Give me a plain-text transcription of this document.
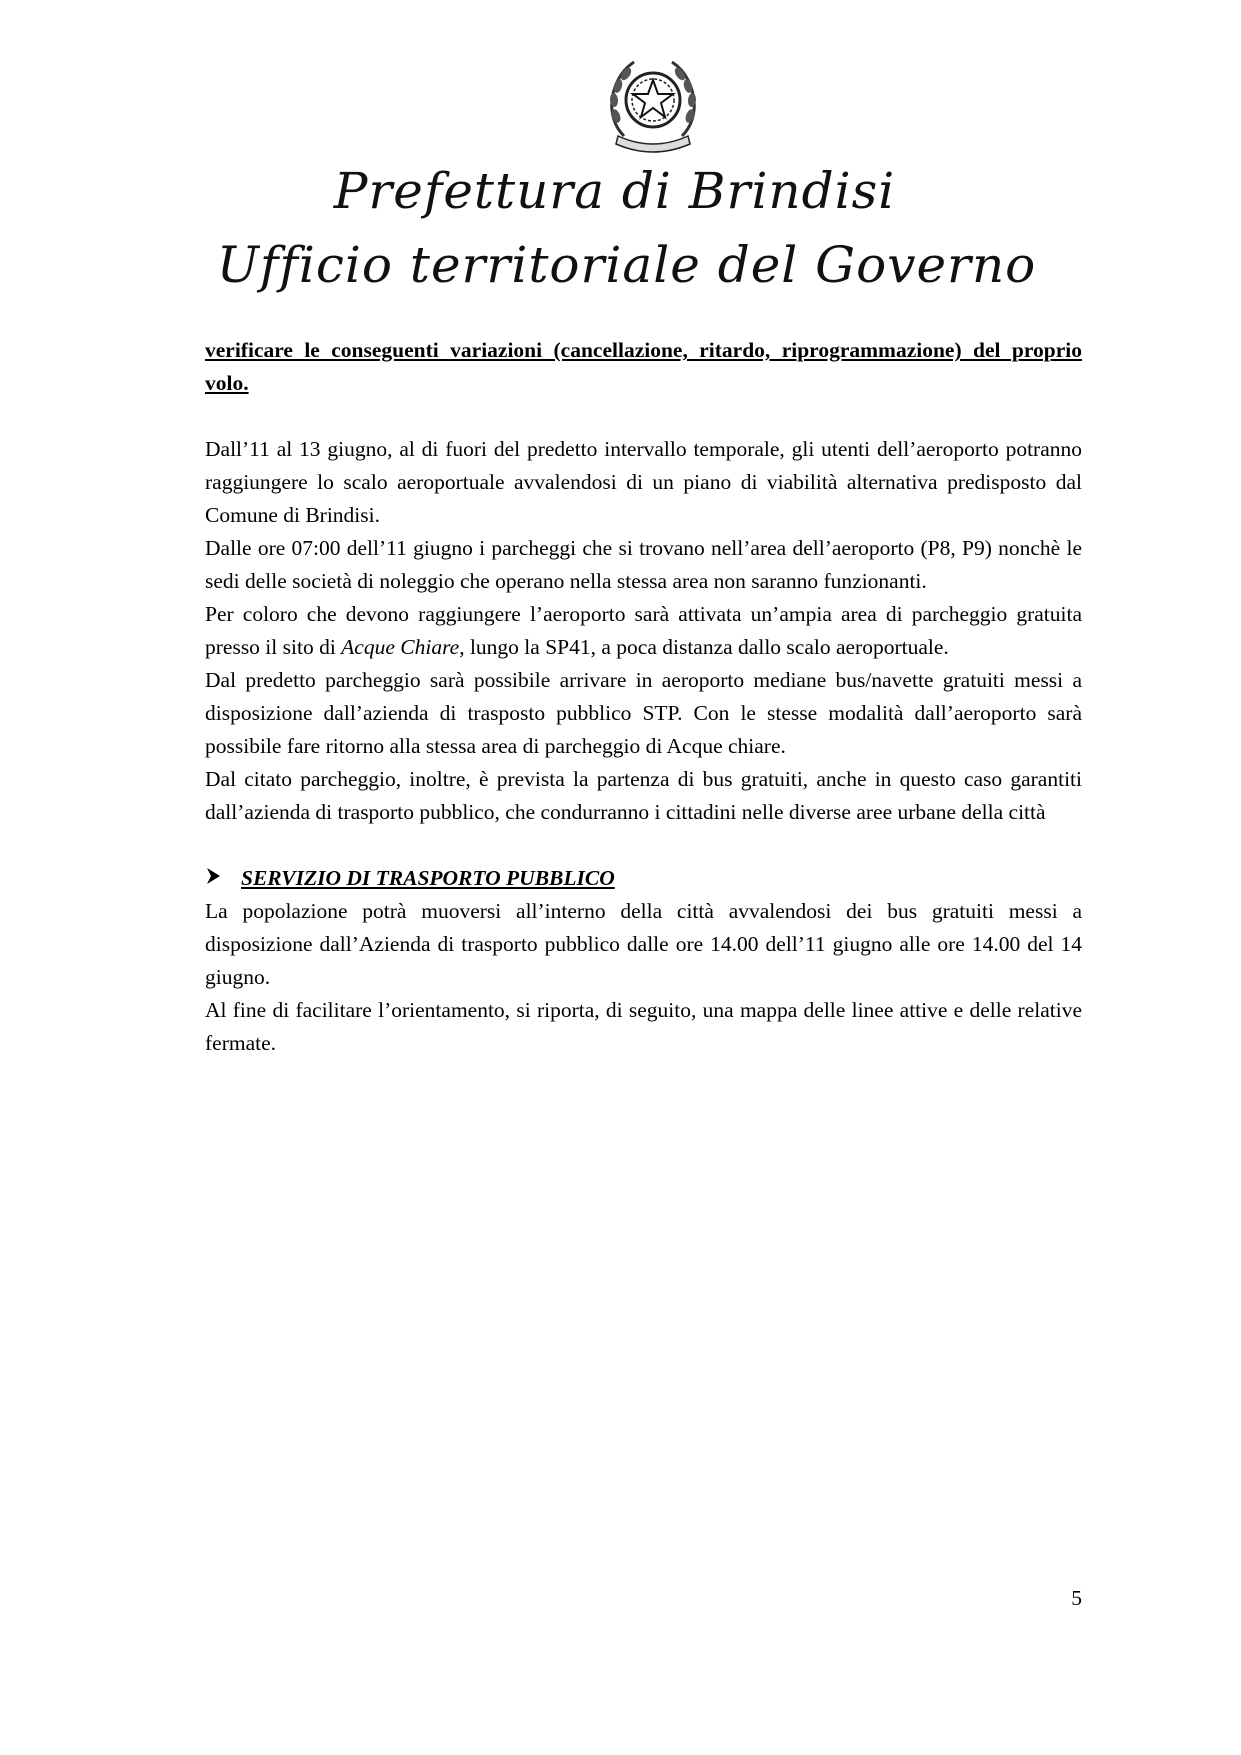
Prefettura di Brindisi
Ufficio territoriale del Governo

verificare le conseguenti variazioni (cancellazione, ritardo, riprogrammazione) del proprio volo.

Dall’11 al 13 giugno, al di fuori del predetto intervallo temporale, gli utenti dell’aeroporto potranno raggiungere lo scalo aeroportuale avvalendosi di un piano di viabilità alternativa predisposto dal Comune di Brindisi.

Dalle ore 07:00 dell’11 giugno i parcheggi che si trovano nell’area dell’aeroporto (P8, P9) nonchè le sedi delle società di noleggio che operano nella stessa area non saranno funzionanti.

Per coloro che devono raggiungere l’aeroporto sarà attivata un’ampia area di parcheggio gratuita presso il sito di Acque Chiare, lungo la SP41, a poca distanza dallo scalo aeroportuale.

Dal predetto parcheggio sarà possibile arrivare in aeroporto mediane bus/navette gratuiti messi a disposizione dall’azienda di trasposto pubblico STP. Con le stesse modalità dall’aeroporto sarà possibile fare ritorno alla stessa area di parcheggio di Acque chiare.

Dal citato parcheggio, inoltre, è prevista la partenza di bus gratuiti, anche in questo caso garantiti dall’azienda di trasporto pubblico, che condurranno i cittadini nelle diverse aree urbane della città

SERVIZIO DI TRASPORTO PUBBLICO

La popolazione potrà muoversi all’interno della città avvalendosi dei bus gratuiti messi a disposizione dall’Azienda di trasporto pubblico dalle ore 14.00 dell’11 giugno alle ore 14.00 del 14 giugno.

Al fine di facilitare l’orientamento, si riporta, di seguito, una mappa delle linee attive e delle relative fermate.

5
